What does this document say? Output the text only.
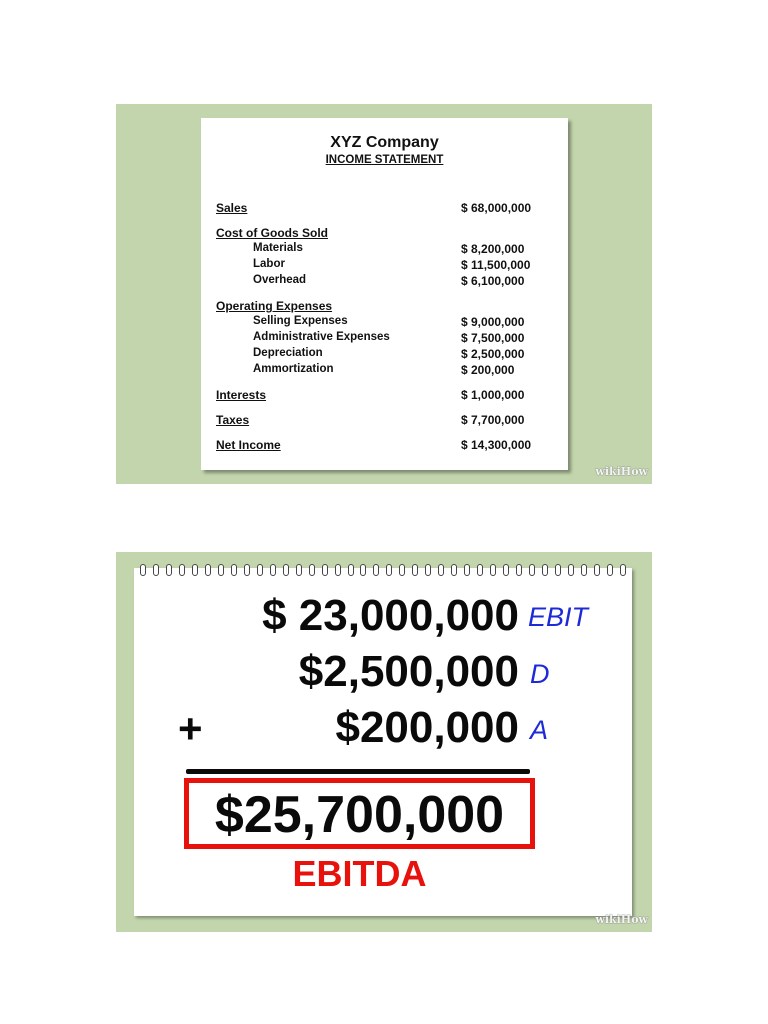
XYZ Company
INCOME STATEMENT
Sales	$ 68,000,000
Cost of Goods Sold
Materials	$ 8,200,000
Labor	$ 11,500,000
Overhead	$ 6,100,000
Operating Expenses
Selling Expenses	$ 9,000,000
Administrative Expenses	$ 7,500,000
Depreciation	$ 2,500,000
Ammortization	$ 200,000
Interests	$ 1,000,000
Taxes	$ 7,700,000
Net Income	$ 14,300,000
wikiHow
$ 23,000,000 EBIT
$2,500,000 D
+	$200,000 A
$25,700,000
EBITDA
wikiHow
